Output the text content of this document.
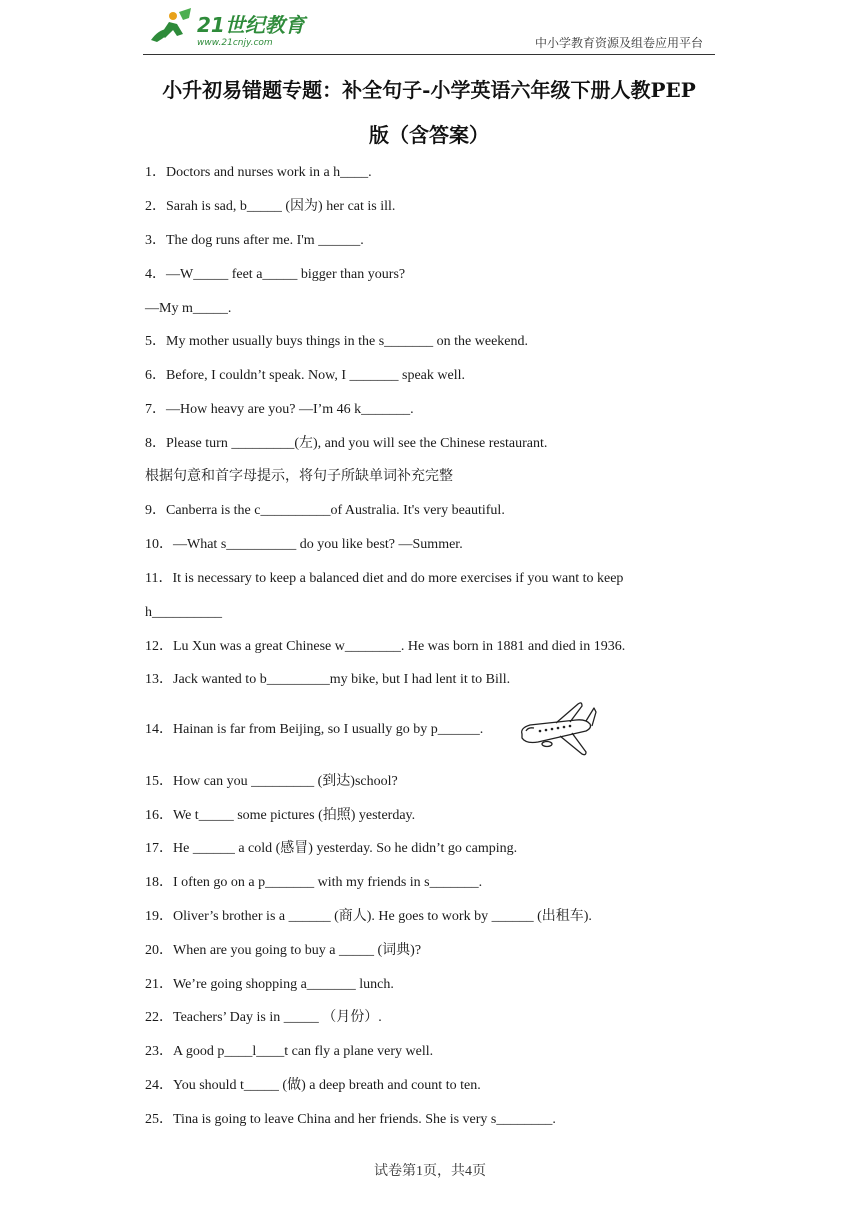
21世纪教育
www.21cnjy.com	中小学教育资源及组卷应用平台
小升初易错题专题：补全句子-小学英语六年级下册人教PEP
版（含答案）
1．Doctors and nurses work in a h____.
2．Sarah is sad, b_____ (因为) her cat is ill.
3．The dog runs after me. I'm ______.
4．—W_____ feet a_____ bigger than yours?
—My m_____.
5．My mother usually buys things in the s_______ on the weekend.
6．Before, I couldn’t speak. Now, I _______ speak well.
7．—How heavy are you? —I’m 46 k_______.
8．Please turn _________(左), and you will see the Chinese restaurant.
根据句意和首字母提示，将句子所缺单词补充完整
9．Canberra is the c__________of Australia. It's very beautiful.
10．—What s__________ do you like best? —Summer.
11．It is necessary to keep a balanced diet and do more exercises if you want to keep
h__________
12．Lu Xun was a great Chinese w________. He was born in 1881 and died in 1936.
13．Jack wanted to b_________my bike, but I had lent it to Bill.
14．Hainan is far from Beijing, so I usually go by p______.
15．How can you _________ (到达)school?
16．We t_____ some pictures (拍照) yesterday.
17．He ______ a cold (感冒) yesterday. So he didn’t go camping.
18．I often go on a p_______ with my friends in s_______.
19．Oliver’s brother is a ______ (商人). He goes to work by ______ (出租车).
20．When are you going to buy a _____ (词典)?
21．We’re going shopping a_______ lunch.
22．Teachers’ Day is in _____ （月份）.
23．A good p____l____t can fly a plane very well.
24．You should t_____ (做) a deep breath and count to ten.
25．Tina is going to leave China and her friends. She is very s________.
试卷第1页，共4页
